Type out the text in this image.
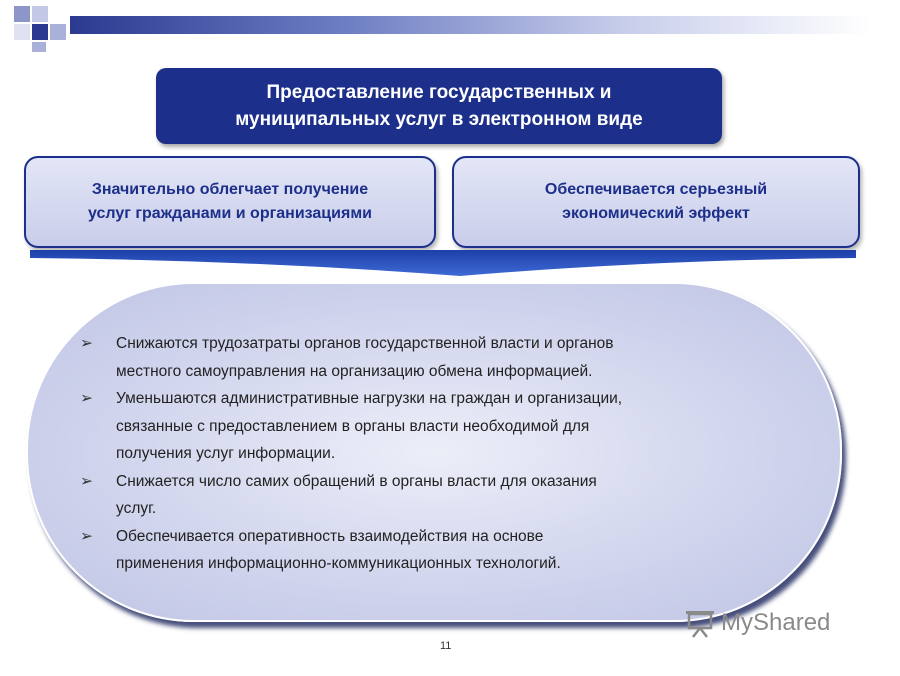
Предоставление государственных и
муниципальных услуг в электронном виде
Значительно облегчает получение
услуг гражданами и организациями
Обеспечивается серьезный
экономический эффект
➢	Снижаются трудозатраты органов государственной власти и органов
местного самоуправления на организацию обмена информацией.
➢	Уменьшаются административные нагрузки на граждан и организации,
связанные с предоставлением в органы власти необходимой для
получения услуг информации.
➢	Снижается число самих обращений в органы власти для оказания
услуг.
➢	Обеспечивается оперативность взаимодействия на основе
применения информационно-коммуникационных технологий.
11
MyShared
